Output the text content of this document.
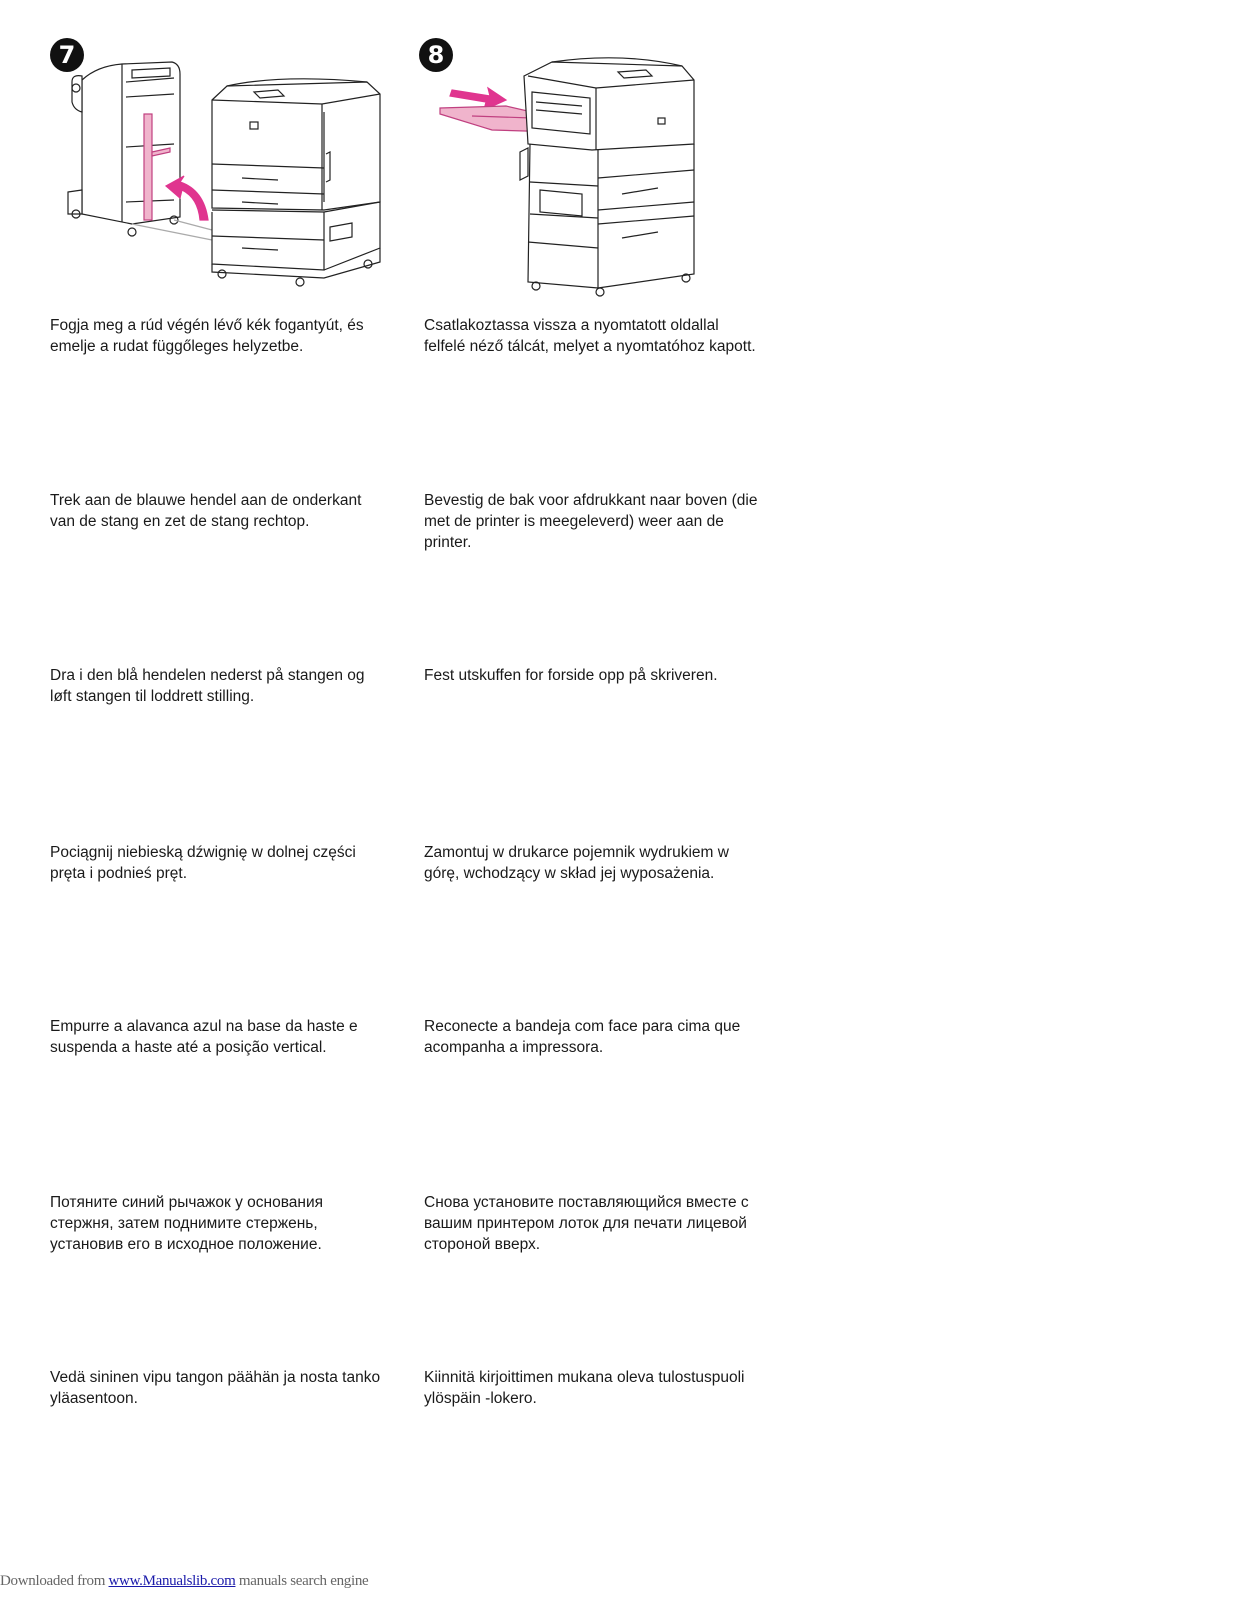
7	8

Fogja meg a rúd végén lévő kék fogantyút, és emelje a rudat függőleges helyzetbe.

Csatlakoztassa vissza a nyomtatott oldallal felfelé néző tálcát, melyet a nyomtatóhoz kapott.

Trek aan de blauwe hendel aan de onderkant van de stang en zet de stang rechtop.

Bevestig de bak voor afdrukkant naar boven (die met de printer is meegeleverd) weer aan de printer.

Dra i den blå hendelen nederst på stangen og løft stangen til loddrett stilling.

Fest utskuffen for forside opp på skriveren.

Pociągnij niebieską dźwignię w dolnej części pręta i podnieś pręt.

Zamontuj w drukarce pojemnik wydrukiem w górę, wchodzący w skład jej wyposażenia.

Empurre a alavanca azul na base da haste e suspenda a haste até a posição vertical.

Reconecte a bandeja com face para cima que acompanha a impressora.

Потяните синий рычажок у основания стержня, затем поднимите стержень, установив его в исходное положение.

Снова установите поставляющийся вместе с вашим принтером лоток для печати лицевой стороной вверх.

Vedä sininen vipu tangon päähän ja nosta tanko yläasentoon.

Kiinnitä kirjoittimen mukana oleva tulostuspuoli ylöspäin -lokero.

Downloaded from www.Manualslib.com manuals search engine
